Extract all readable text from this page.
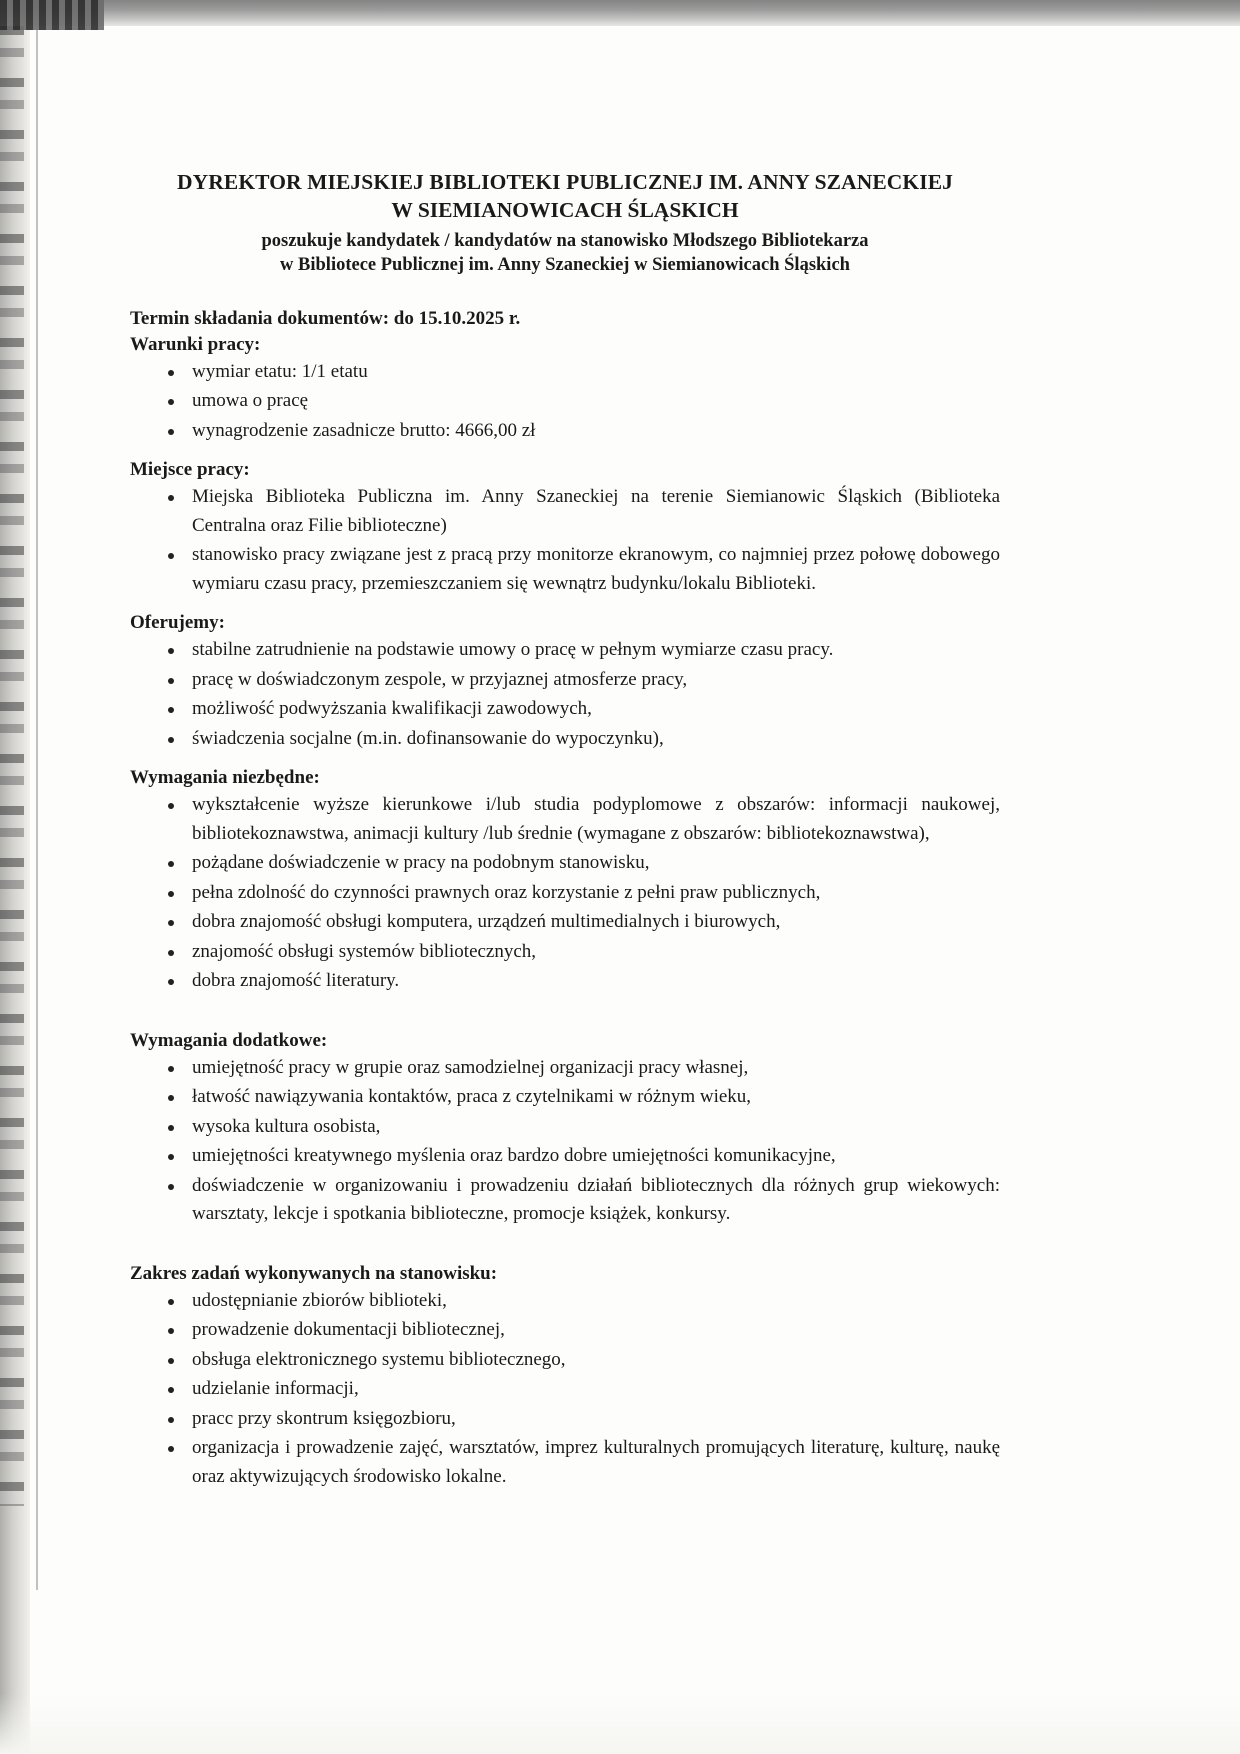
DYREKTOR MIEJSKIEJ BIBLIOTEKI PUBLICZNEJ IM. ANNY SZANECKIEJ
W SIEMIANOWICACH ŚLĄSKICH
poszukuje kandydatek / kandydatów na stanowisko Młodszego Bibliotekarza
w Bibliotece Publicznej im. Anny Szaneckiej w Siemianowicach Śląskich
Termin składania dokumentów: do 15.10.2025 r.
Warunki pracy:
wymiar etatu: 1/1 etatu
umowa o pracę
wynagrodzenie zasadnicze brutto: 4666,00 zł
Miejsce pracy:
Miejska Biblioteka Publiczna im. Anny Szaneckiej na terenie Siemianowic Śląskich (Biblioteka Centralna oraz Filie biblioteczne)
stanowisko pracy związane jest z pracą przy monitorze ekranowym, co najmniej przez połowę dobowego wymiaru czasu pracy, przemieszczaniem się wewnątrz budynku/lokalu Biblioteki.
Oferujemy:
stabilne zatrudnienie na podstawie umowy o pracę w pełnym wymiarze czasu pracy.
pracę w doświadczonym zespole, w przyjaznej atmosferze pracy,
możliwość podwyższania kwalifikacji zawodowych,
świadczenia socjalne (m.in. dofinansowanie do wypoczynku),
Wymagania niezbędne:
wykształcenie wyższe kierunkowe i/lub studia podyplomowe z obszarów: informacji naukowej, bibliotekoznawstwa, animacji kultury /lub średnie (wymagane z obszarów: bibliotekoznawstwa),
pożądane doświadczenie w pracy na podobnym stanowisku,
pełna zdolność do czynności prawnych oraz korzystanie z pełni praw publicznych,
dobra znajomość obsługi komputera, urządzeń multimedialnych i biurowych,
znajomość obsługi systemów bibliotecznych,
dobra znajomość literatury.
Wymagania dodatkowe:
umiejętność pracy w grupie oraz samodzielnej organizacji pracy własnej,
łatwość nawiązywania kontaktów, praca z czytelnikami w różnym wieku,
wysoka kultura osobista,
umiejętności kreatywnego myślenia oraz bardzo dobre umiejętności komunikacyjne,
doświadczenie w organizowaniu i prowadzeniu działań bibliotecznych dla różnych grup wiekowych: warsztaty, lekcje i spotkania biblioteczne, promocje książek, konkursy.
Zakres zadań wykonywanych na stanowisku:
udostępnianie zbiorów biblioteki,
prowadzenie dokumentacji bibliotecznej,
obsługa elektronicznego systemu bibliotecznego,
udzielanie informacji,
pracc przy skontrum księgozbioru,
organizacja i prowadzenie zajęć, warsztatów, imprez kulturalnych promujących literaturę, kulturę, naukę oraz aktywizujących środowisko lokalne.
